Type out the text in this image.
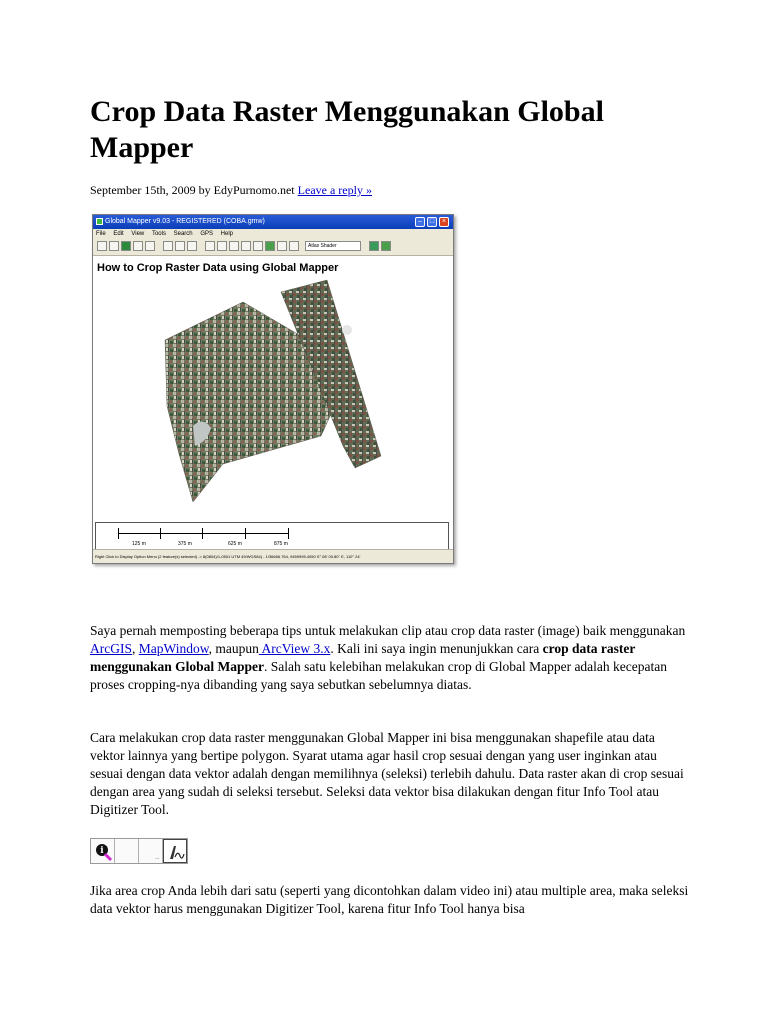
Crop Data Raster Menggunakan Global Mapper
September 15th, 2009 by EdyPurnomo.net Leave a reply »
Global Mapper v9.03 - REGISTERED (COBA.gmw)	–	□	×
File Edit View Tools Search GPS Help
Atlas Shader
How to Crop Raster Data using Global Mapper
125 m	375 m	625 m	875 m
Right Click to Display Option Menu (2 feature(s) selected) -> 8(0804)/1-0501 UTM 49/WGS84) - 1/36666.764, 9459995.4050 S° 08' 00.80'' E, 110° 24'

Saya pernah memposting beberapa tips untuk melakukan clip atau crop data raster (image) baik menggunakan ArcGIS, MapWindow, maupun ArcView 3.x. Kali ini saya ingin menunjukkan cara crop data raster menggunakan Global Mapper. Salah satu kelebihan melakukan crop di Global Mapper adalah kecepatan proses cropping-nya dibanding yang saya sebutkan sebelumnya diatas.

Cara melakukan crop data raster menggunakan Global Mapper ini bisa menggunakan shapefile atau data vektor lainnya yang bertipe polygon. Syarat utama agar hasil crop sesuai dengan yang user inginkan atau sesuai dengan data vektor adalah dengan memilihnya (seleksi) terlebih dahulu. Data raster akan di crop sesuai dengan area yang sudah di seleksi tersebut. Seleksi data vektor bisa dilakukan dengan fitur Info Tool atau Digitizer Tool.

i
...

Jika area crop Anda lebih dari satu (seperti yang dicontohkan dalam video ini) atau multiple area, maka seleksi data vektor harus menggunakan Digitizer Tool, karena fitur Info Tool hanya bisa
